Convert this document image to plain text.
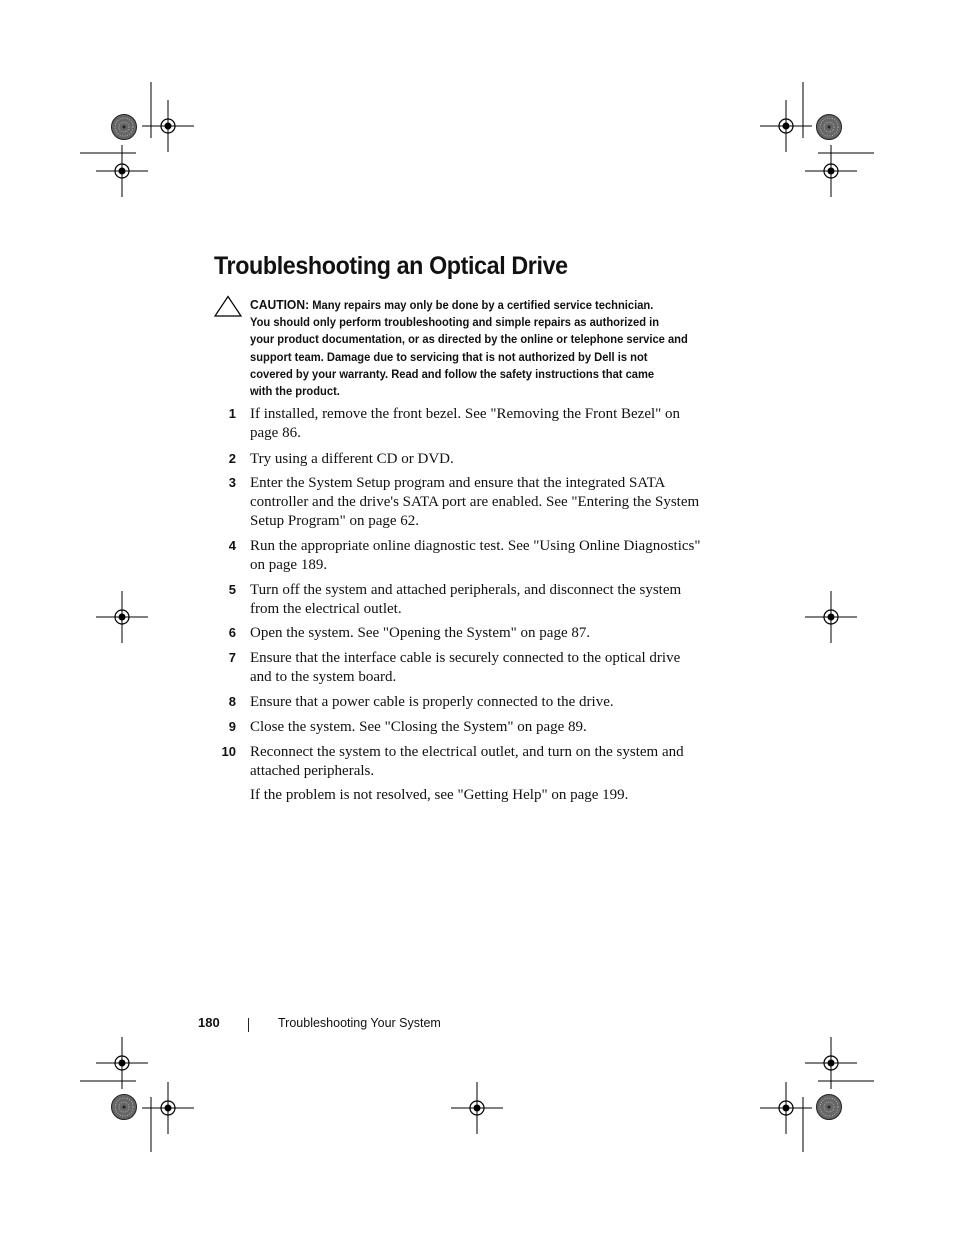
Troubleshooting an Optical Drive
CAUTION: Many repairs may only be done by a certified service technician.
You should only perform troubleshooting and simple repairs as authorized in
your product documentation, or as directed by the online or telephone service and
support team. Damage due to servicing that is not authorized by Dell is not
covered by your warranty. Read and follow the safety instructions that came
with the product.
1 If installed, remove the front bezel. See "Removing the Front Bezel" on
page 86.
2 Try using a different CD or DVD.
3 Enter the System Setup program and ensure that the integrated SATA
controller and the drive's SATA port are enabled. See "Entering the System
Setup Program" on page 62.
4 Run the appropriate online diagnostic test. See "Using Online Diagnostics"
on page 189.
5 Turn off the system and attached peripherals, and disconnect the system
from the electrical outlet.
6 Open the system. See "Opening the System" on page 87.
7 Ensure that the interface cable is securely connected to the optical drive
and to the system board.
8 Ensure that a power cable is properly connected to the drive.
9 Close the system. See "Closing the System" on page 89.
10 Reconnect the system to the electrical outlet, and turn on the system and
attached peripherals.
If the problem is not resolved, see "Getting Help" on page 199.
180	Troubleshooting Your System
